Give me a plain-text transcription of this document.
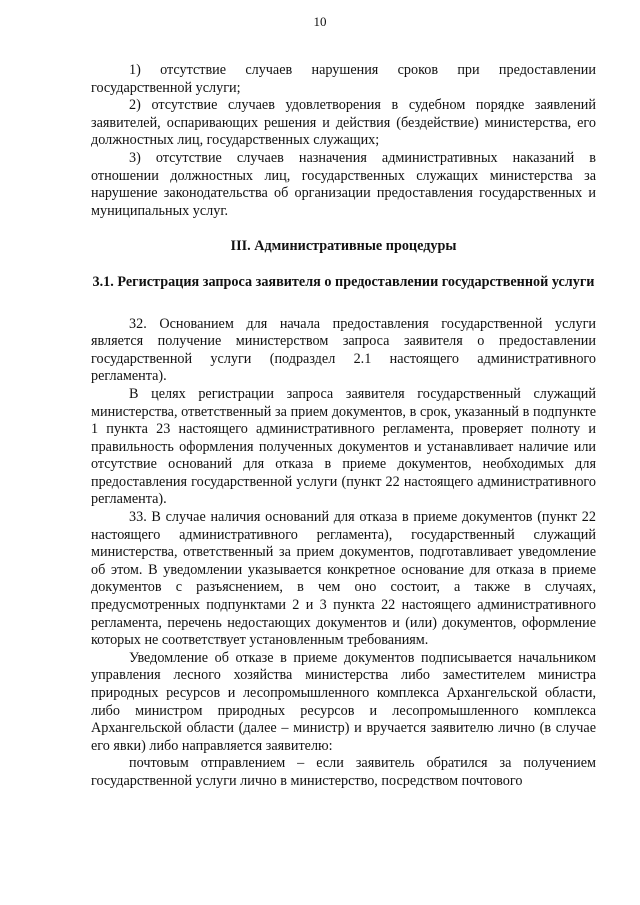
10

1) отсутствие случаев нарушения сроков при предоставлении государственной услуги;

2) отсутствие случаев удовлетворения в судебном порядке заявлений заявителей, оспаривающих решения и действия (бездействие) министерства, его должностных лиц, государственных служащих;

3) отсутствие случаев назначения административных наказаний в отношении должностных лиц, государственных служащих министерства за нарушение законодательства об организации предоставления государственных и муниципальных услуг.

III. Административные процедуры

3.1. Регистрация запроса заявителя о предоставлении государственной услуги

32. Основанием для начала предоставления государственной услуги является получение министерством запроса заявителя о предоставлении государственной услуги (подраздел 2.1 настоящего административного регламента).

В целях регистрации запроса заявителя государственный служащий министерства, ответственный за прием документов, в срок, указанный в подпункте 1 пункта 23 настоящего административного регламента, проверяет полноту и правильность оформления полученных документов и устанавливает наличие или отсутствие оснований для отказа в приеме документов, необходимых для предоставления государственной услуги (пункт 22 настоящего административного регламента).

33. В случае наличия оснований для отказа в приеме документов (пункт 22 настоящего административного регламента), государственный служащий министерства, ответственный за прием документов, подготавливает уведомление об этом. В уведомлении указывается конкретное основание для отказа в приеме документов с разъяснением, в чем оно состоит, а также в случаях, предусмотренных подпунктами 2 и 3 пункта 22 настоящего административного регламента, перечень недостающих документов и (или) документов, оформление которых не соответствует установленным требованиям.

Уведомление об отказе в приеме документов подписывается начальником управления лесного хозяйства министерства либо заместителем министра природных ресурсов и лесопромышленного комплекса Архангельской области, либо министром природных ресурсов и лесопромышленного комплекса Архангельской области (далее – министр) и вручается заявителю лично (в случае его явки) либо направляется заявителю:

почтовым отправлением – если заявитель обратился за получением государственной услуги лично в министерство, посредством почтового
